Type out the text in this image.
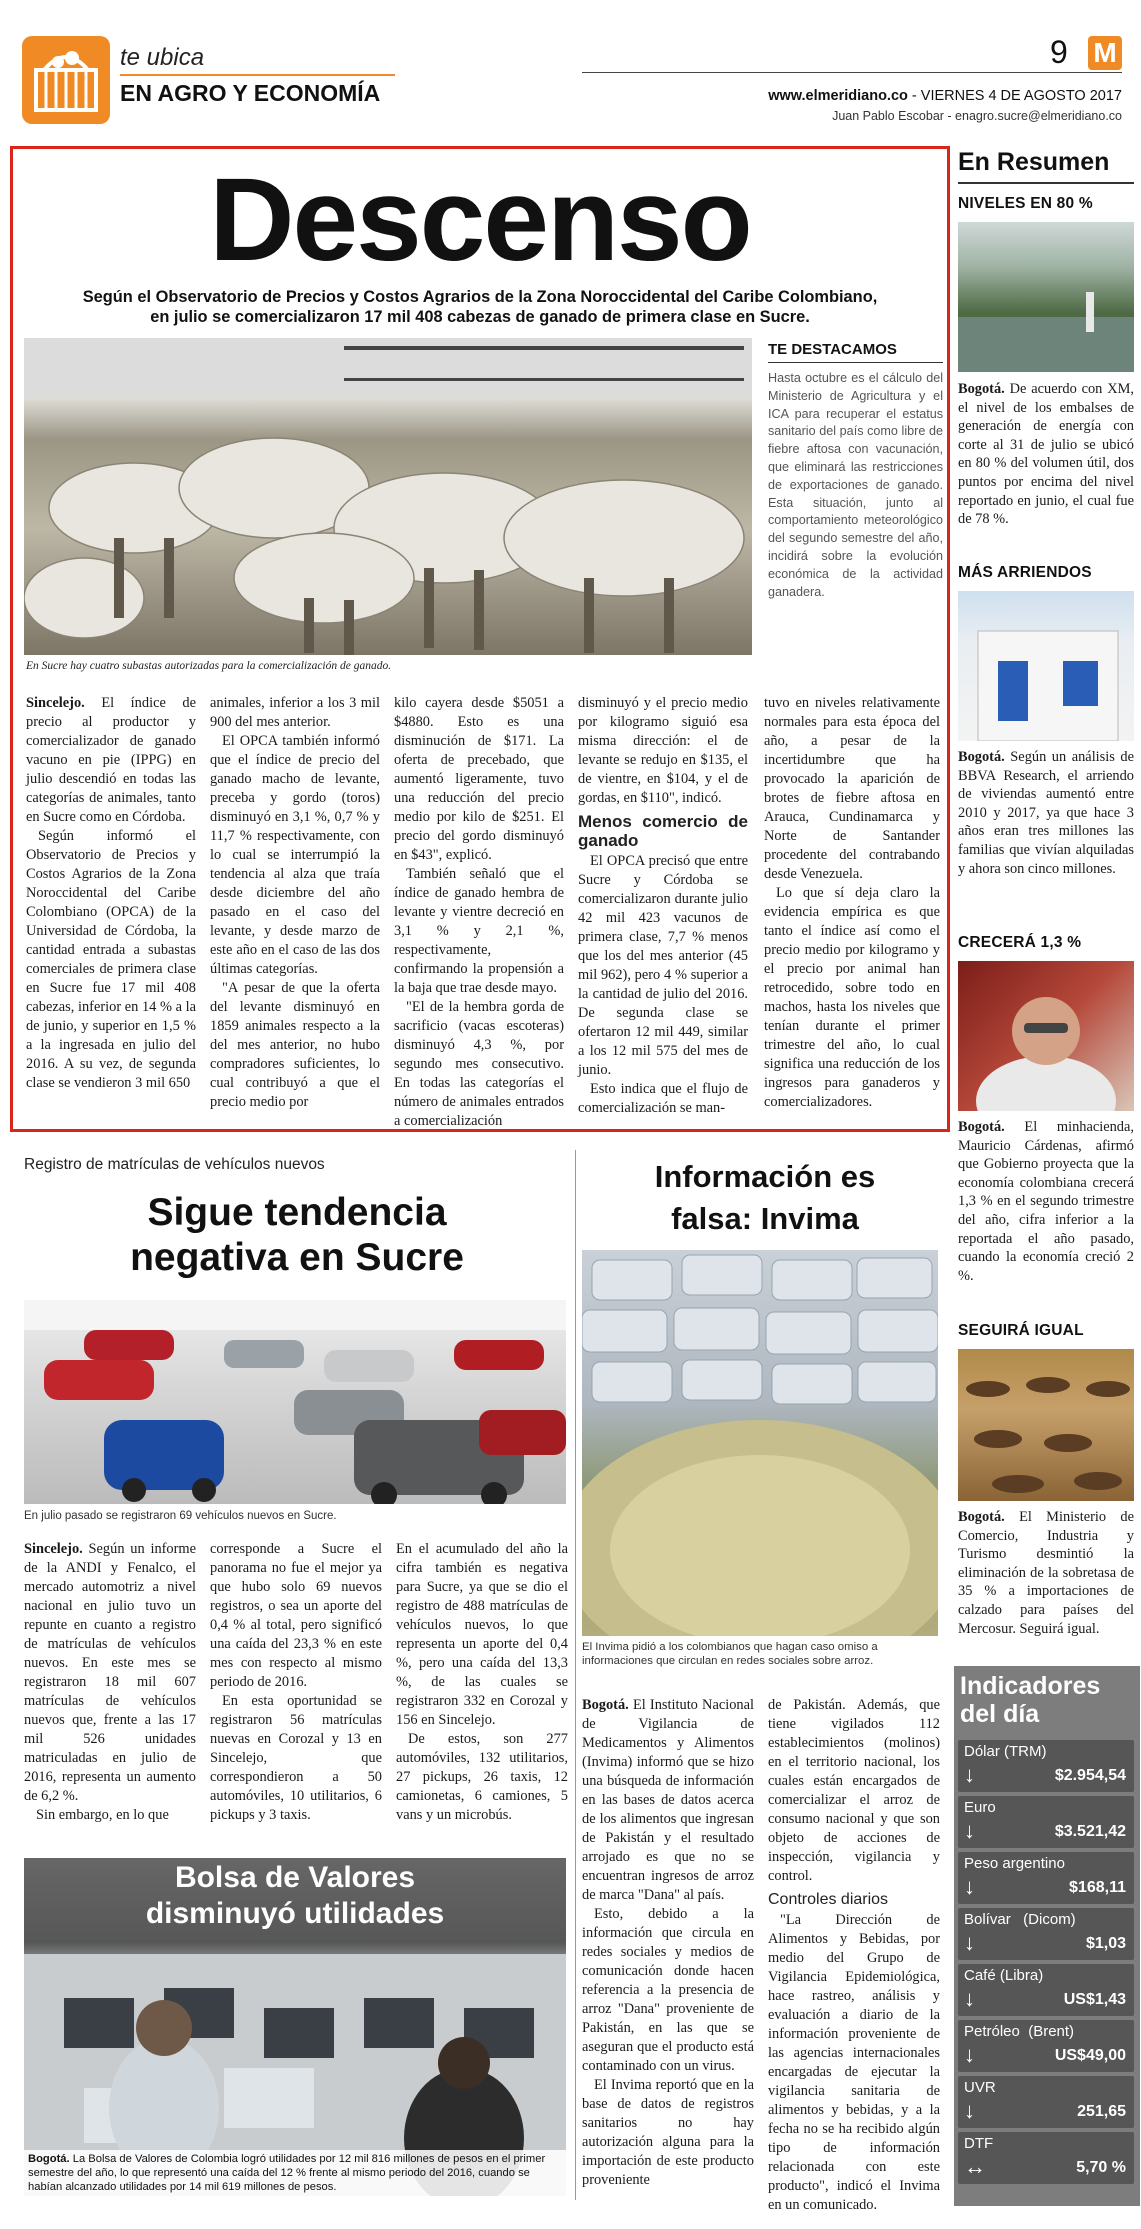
te ubica
EN AGRO Y ECONOMÍA
9 M
www.elmeridiano.co - VIERNES 4 DE AGOSTO 2017
Juan Pablo Escobar - enagro.sucre@elmeridiano.co
Descenso
Según el Observatorio de Precios y Costos Agrarios de la Zona Noroccidental del Caribe Colombiano,
en julio se comercializaron 17 mil 408 cabezas de ganado de primera clase en Sucre.
En Sucre hay cuatro subastas autorizadas para la comercialización de ganado.
TE DESTACAMOS
Hasta octubre es el cálculo del Ministerio de Agricultura y el ICA para recuperar el estatus sanitario del país como libre de fiebre aftosa con vacunación, que eliminará las restricciones de exportaciones de ganado. Esta situación, junto al comportamiento meteorológico del segundo semestre del año, incidirá sobre la evolución económica de la actividad ganadera.

Sincelejo. El índice de precio al productor y comercializador de ganado vacuno en pie (IPPG) en julio descendió en todas las categorías de animales, tanto en Sucre como en Córdoba.

Según informó el Observatorio de Precios y Costos Agrarios de la Zona Noroccidental del Caribe Colombiano (OPCA) de la Universidad de Córdoba, la cantidad entrada a subastas comerciales de primera clase en Sucre fue 17 mil 408 cabezas, inferior en 14 % a la de junio, y superior en 1,5 % a la ingresada en julio del 2016. A su vez, de segunda clase se vendieron 3 mil 650

animales, inferior a los 3 mil 900 del mes anterior.

El OPCA también informó que el índice de precio del ganado macho de levante, preceba y gordo (toros) disminuyó en 3,1 %, 0,7 % y 11,7 % respectivamente, con lo cual se interrumpió la tendencia al alza que traía desde diciembre del año pasado en el caso del levante, y desde marzo de este año en el caso de las dos últimas categorías.

"A pesar de que la oferta del levante disminuyó en 1859 animales respecto a la del mes anterior, no hubo compradores suficientes, lo cual contribuyó a que el precio medio por

kilo cayera desde $5051 a $4880. Esto es una disminución de $171. La oferta de precebado, que aumentó ligeramente, tuvo una reducción del precio medio por kilo de $251. El precio del gordo disminuyó en $43", explicó.

También señaló que el índice de ganado hembra de levante y vientre decreció en 3,1 % y 2,1 %, respectivamente, confirmando la propensión a la baja que trae desde mayo.

"El de la hembra gorda de sacrificio (vacas escoteras) disminuyó 4,3 %, por segundo mes consecutivo. En todas las categorías el número de animales entrados a comercialización

disminuyó y el precio medio por kilogramo siguió esa misma dirección: el de levante se redujo en $135, el de vientre, en $104, y el de gordas, en $110", indicó.

Menos comercio de ganado

El OPCA precisó que entre Sucre y Córdoba se comercializaron durante julio 42 mil 423 vacunos de primera clase, 7,7 % menos que los del mes anterior (45 mil 962), pero 4 % superior a la cantidad de julio del 2016. De segunda clase se ofertaron 12 mil 449, similar a los 12 mil 575 del mes de junio.

Esto indica que el flujo de comercialización se man-

tuvo en niveles relativamente normales para esta época del año, a pesar de la incertidumbre que ha provocado la aparición de brotes de fiebre aftosa en Arauca, Cundinamarca y Norte de Santander procedente del contrabando desde Venezuela.

Lo que sí deja claro la evidencia empírica es que tanto el índice así como el precio medio por kilogramo y el precio por animal han retrocedido, sobre todo en machos, hasta los niveles que tenían durante el primer trimestre del año, lo cual significa una reducción de los ingresos para ganaderos y comercializadores.

Registro de matrículas de vehículos nuevos
Sigue tendencia
negativa en Sucre
En julio pasado se registraron 69 vehículos nuevos en Sucre.

Sincelejo. Según un informe de la ANDI y Fenalco, el mercado automotriz a nivel nacional en julio tuvo un repunte en cuanto a registro de matrículas de vehículos nuevos. En este mes se registraron 18 mil 607 matrículas de vehículos nuevos que, frente a las 17 mil 526 unidades matriculadas en julio de 2016, representa un aumento de 6,2 %.

Sin embargo, en lo que

corresponde a Sucre el panorama no fue el mejor ya que hubo solo 69 nuevos registros, o sea un aporte del 0,4 % al total, pero significó una caída del 23,3 % en este mes con respecto al mismo periodo de 2016.

En esta oportunidad se registraron 56 matrículas nuevas en Corozal y 13 en Sincelejo, que correspondieron a 50 automóviles, 10 utilitarios, 6 pickups y 3 taxis.

En el acumulado del año la cifra también es negativa para Sucre, ya que se dio el registro de 488 matrículas de vehículos nuevos, lo que representa un aporte del 0,4 %, pero una caída del 13,3 %, de las cuales se registraron 332 en Corozal y 156 en Sincelejo.

De estos, son 277 automóviles, 132 utilitarios, 27 pickups, 26 taxis, 12 camionetas, 6 camiones, 5 vans y un microbús.

Bolsa de Valores
disminuyó utilidades
Bogotá. La Bolsa de Valores de Colombia logró utilidades por 12 mil 816 millones de pesos en el primer semestre del año, lo que representó una caída del 12 % frente al mismo periodo del 2016, cuando se habían alcanzado utilidades por 14 mil 619 millones de pesos.
Información es
falsa: Invima
El Invima pidió a los colombianos que hagan caso omiso a informaciones que circulan en redes sociales sobre arroz.

Bogotá. El Instituto Nacional de Vigilancia de Medicamentos y Alimentos (Invima) informó que se hizo una búsqueda de información en las bases de datos acerca de los alimentos que ingresan de Pakistán y el resultado arrojado es que no se encuentran ingresos de arroz de marca "Dana" al país.

Esto, debido a la información que circula en redes sociales y medios de comunicación donde hacen referencia a la presencia de arroz "Dana" proveniente de Pakistán, en las que se aseguran que el producto está contaminado con un virus.

El Invima reportó que en la base de datos de registros sanitarios no hay autorización alguna para la importación de este producto proveniente

de Pakistán. Además, que tiene vigilados 112 establecimientos (molinos) en el territorio nacional, los cuales están encargados de comercializar el arroz de consumo nacional y que son objeto de acciones de inspección, vigilancia y control.

Controles diarios

"La Dirección de Alimentos y Bebidas, por medio del Grupo de Vigilancia Epidemiológica, hace rastreo, análisis y evaluación a diario de la información proveniente de las agencias internacionales encargadas de ejecutar la vigilancia sanitaria de alimentos y bebidas, y a la fecha no se ha recibido algún tipo de información relacionada con este producto", indicó el Invima en un comunicado.

En Resumen
NIVELES EN 80 %
Bogotá. De acuerdo con XM, el nivel de los embalses de generación de energía con corte al 31 de julio se ubicó en 80 % del volumen útil, dos puntos por encima del nivel reportado en junio, el cual fue de 78 %.
MÁS ARRIENDOS
Bogotá. Según un análisis de BBVA Research, el arriendo de viviendas aumentó entre 2010 y 2017, ya que hace 3 años eran tres millones las familias que vivían alquiladas y ahora son cinco millones.
CRECERÁ 1,3 %
Bogotá. El minhacienda, Mauricio Cárdenas, afirmó que Gobierno proyecta que la economía colombiana crecerá 1,3 % en el segundo trimestre del año, cifra inferior a la reportada el año pasado, cuando la economía creció 2 %.
SEGUIRÁ IGUAL
Bogotá. El Ministerio de Comercio, Industria y Turismo desmintió la eliminación de la sobretasa de 35 % a importaciones de calzado para países del Mercosur. Seguirá igual.
Indicadores
del día
Dólar (TRM)
↓	$2.954,54
Euro
↓	$3.521,42
Peso argentino
↓	$168,11
Bolívar   (Dicom)
↓	$1,03
Café (Libra)
↓	US$1,43
Petróleo  (Brent)
↓	US$49,00
UVR
↓	251,65
DTF
↔	5,70 %
